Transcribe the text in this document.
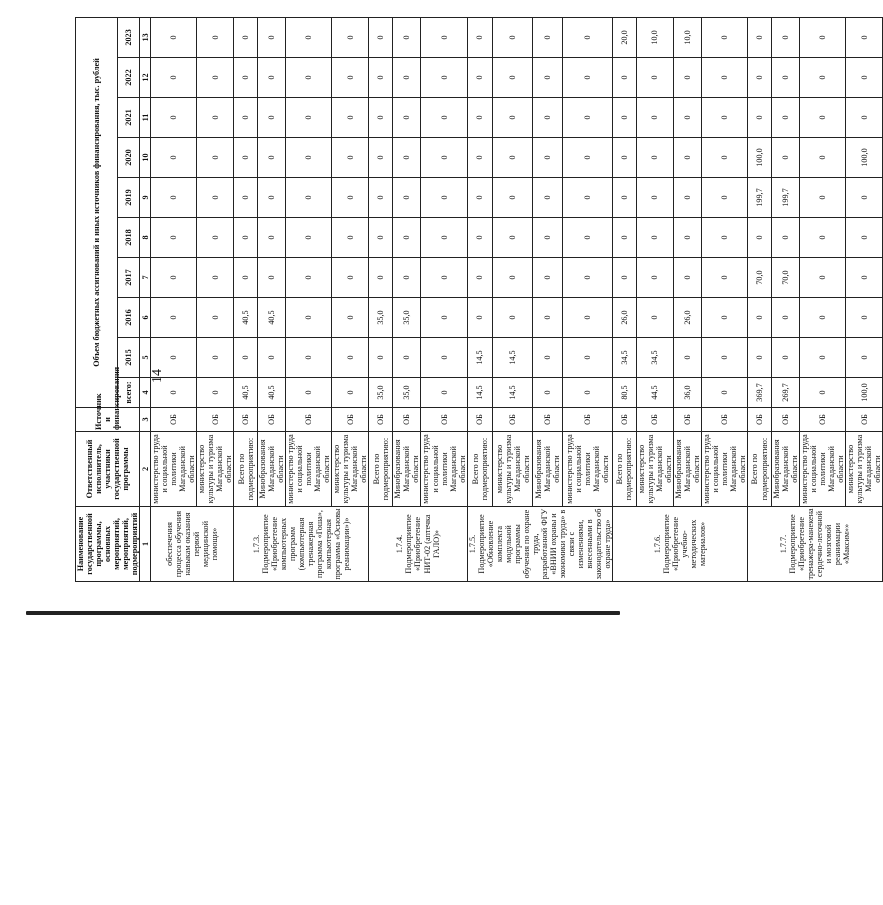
14
Наименование государственной программы, основных мероприятий, мероприятий, подмероприятий	Ответственный исполнитель, участники государственной программы	Источник и финансирования	Объем бюджетных ассигнований и иных источников финансирования, тыс. рублей									
			всего:	2015	2016	2017	2018	2019	2020	2021	2022	2023
1	2	3	4	5	6	7	8	9	10	11	12	13
обеспечения процесса обучения навыкам оказания первой медицинской помощи»	министерство труда и социальной политики Магаданской области	ОБ	0	0	0	0	0	0	0	0	0	0
	министерство культуры и туризма Магаданской области	ОБ	0	0	0	0	0	0	0	0	0	0
1.7.3. Подмероприятие «Приобретение компьютерных программ (компьютерная тренажерная программа «Гоша», компьютерная программа «Основы реанимации»)»	Всего по подмероприятию:	ОБ	40,5	0	40,5	0	0	0	0	0	0	0
	Минобразования Магаданской области	ОБ	40,5	0	40,5	0	0	0	0	0	0	0
	министерство труда и социальной политики Магаданской области	ОБ	0	0	0	0	0	0	0	0	0	0
	министерство культуры и туризма Магаданской области	ОБ	0	0	0	0	0	0	0	0	0	0
1.7.4. Подмероприятие «Приобретение НИТ-02 (аптечка ГАЛО)»	Всего по подмероприятию:	ОБ	35,0	0	35,0	0	0	0	0	0	0	0
	Минобразования Магаданской области	ОБ	35,0	0	35,0	0	0	0	0	0	0	0
	министерство труда и социальной политики Магаданской области	ОБ	0	0	0	0	0	0	0	0	0	0
1.7.5. Подмероприятие «Обновление комплекта модульной программы обучения по охране труда, разработанной ФГУ «ВНИИ охраны и экономики труда» в связи с изменениями, внесенными в законодательство об охране труда»	Всего по подмероприятию:	ОБ	14,5	14,5	0	0	0	0	0	0	0	0
	министерство культуры и туризма Магаданской области	ОБ	14,5	14,5	0	0	0	0	0	0	0	0
	Минобразования Магаданской области	ОБ	0	0	0	0	0	0	0	0	0	0
	министерство труда и социальной политики Магаданской области	ОБ	0	0	0	0	0	0	0	0	0	0
1.7.6. Подмероприятие «Приобретение учебно-методических материалов»	Всего по подмероприятию:	ОБ	80,5	34,5	26,0	0	0	0	0	0	0	20,0
	министерство культуры и туризма Магаданской области	ОБ	44,5	34,5	0	0	0	0	0	0	0	10,0
	Минобразования Магаданской области	ОБ	36,0	0	26,0	0	0	0	0	0	0	10,0
	министерство труда и социальной политики Магаданской области	ОБ	0	0	0	0	0	0	0	0	0	0
1.7.7. Подмероприятие «Приобретение тренажера-манекена сердечно-легочной и мозговой реанимации «Максим»»	Всего по подмероприятию:	ОБ	369,7	0	0	70,0	0	199,7	100,0	0	0	0
	Минобразования Магаданской области	ОБ	269,7	0	0	70,0	0	199,7	0	0	0	0
	министерство труда и социальной политики Магаданской области	ОБ	0	0	0	0	0	0	0	0	0	0
	министерство культуры и туризма Магаданской области	ОБ	100,0	0	0	0	0	0	100,0	0	0	0
